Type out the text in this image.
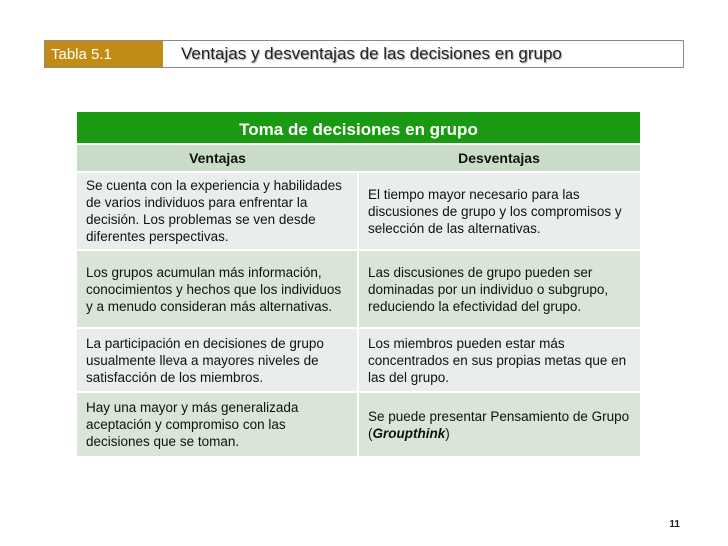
Tabla 5.1	Ventajas y desventajas de las decisiones en grupo
Toma de decisiones en grupo	
Ventajas	Desventajas
Se cuenta con la experiencia y habilidades de varios individuos para enfrentar la decisión. Los problemas se ven desde diferentes perspectivas.	El tiempo mayor necesario para las discusiones de grupo y los compromisos y selección de las alternativas.
Los grupos acumulan más información, conocimientos y hechos que los individuos y a menudo consideran más alternativas.	Las discusiones de grupo pueden ser dominadas por un individuo o subgrupo, reduciendo la efectividad del grupo.
La participación en decisiones de grupo usualmente lleva a mayores niveles de satisfacción de los miembros.	Los miembros pueden estar más concentrados en sus propias metas que en las del grupo.
Hay una mayor y más generalizada aceptación y compromiso con las decisiones que se toman.	Se puede presentar Pensamiento de Grupo (Groupthink)
11
